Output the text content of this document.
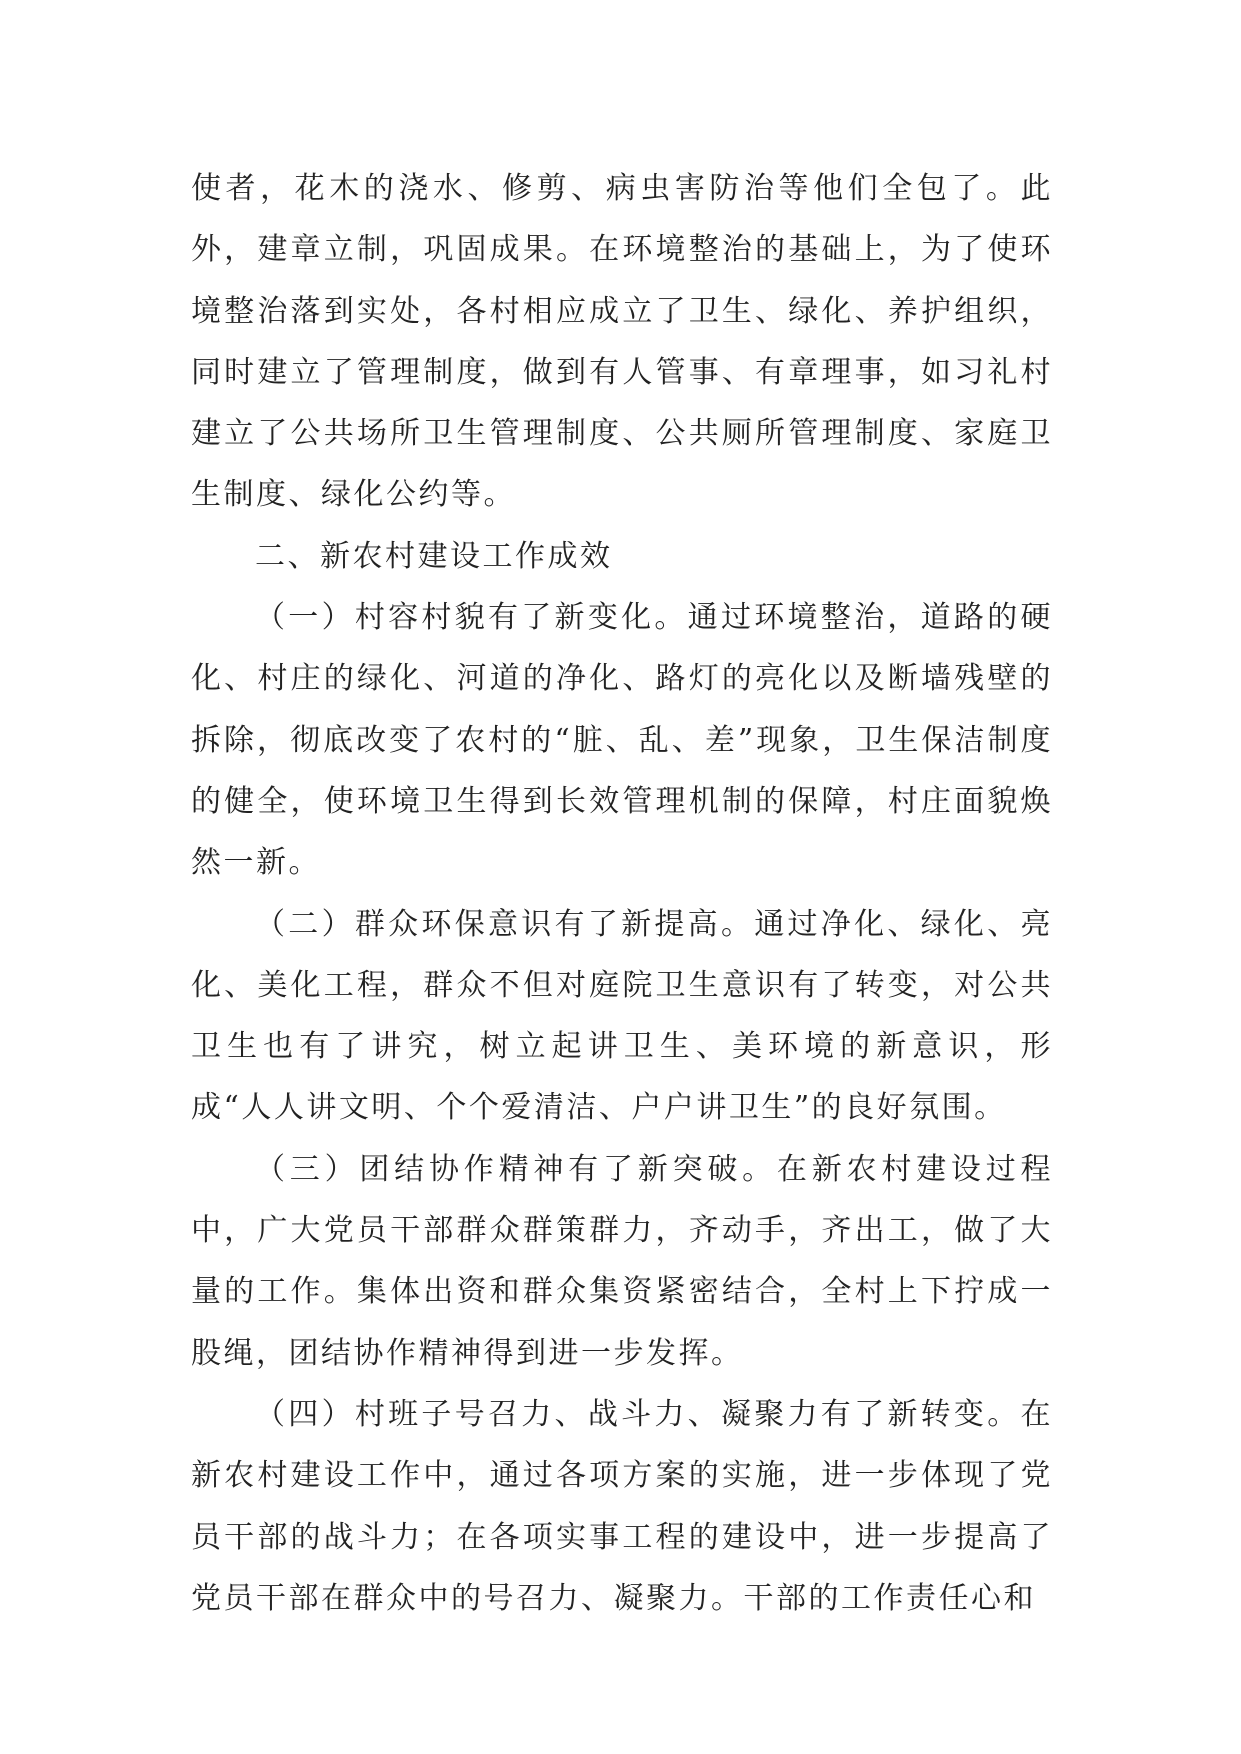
使者，花木的浇水、修剪、病虫害防治等他们全包了。此外，建章立制，巩固成果。在环境整治的基础上，为了使环境整治落到实处，各村相应成立了卫生、绿化、养护组织，同时建立了管理制度，做到有人管事、有章理事，如习礼村建立了公共场所卫生管理制度、公共厕所管理制度、家庭卫生制度、绿化公约等。

二、新农村建设工作成效

（一）村容村貌有了新变化。通过环境整治，道路的硬化、村庄的绿化、河道的净化、路灯的亮化以及断墙残壁的拆除，彻底改变了农村的“脏、乱、差”现象，卫生保洁制度的健全，使环境卫生得到长效管理机制的保障，村庄面貌焕然一新。

（二）群众环保意识有了新提高。通过净化、绿化、亮化、美化工程，群众不但对庭院卫生意识有了转变，对公共卫生也有了讲究，树立起讲卫生、美环境的新意识，形成“人人讲文明、个个爱清洁、户户讲卫生”的良好氛围。

（三）团结协作精神有了新突破。在新农村建设过程中，广大党员干部群众群策群力，齐动手，齐出工，做了大量的工作。集体出资和群众集资紧密结合，全村上下拧成一股绳，团结协作精神得到进一步发挥。

（四）村班子号召力、战斗力、凝聚力有了新转变。在新农村建设工作中，通过各项方案的实施，进一步体现了党员干部的战斗力；在各项实事工程的建设中，进一步提高了党员干部在群众中的号召力、凝聚力。干部的工作责任心和
